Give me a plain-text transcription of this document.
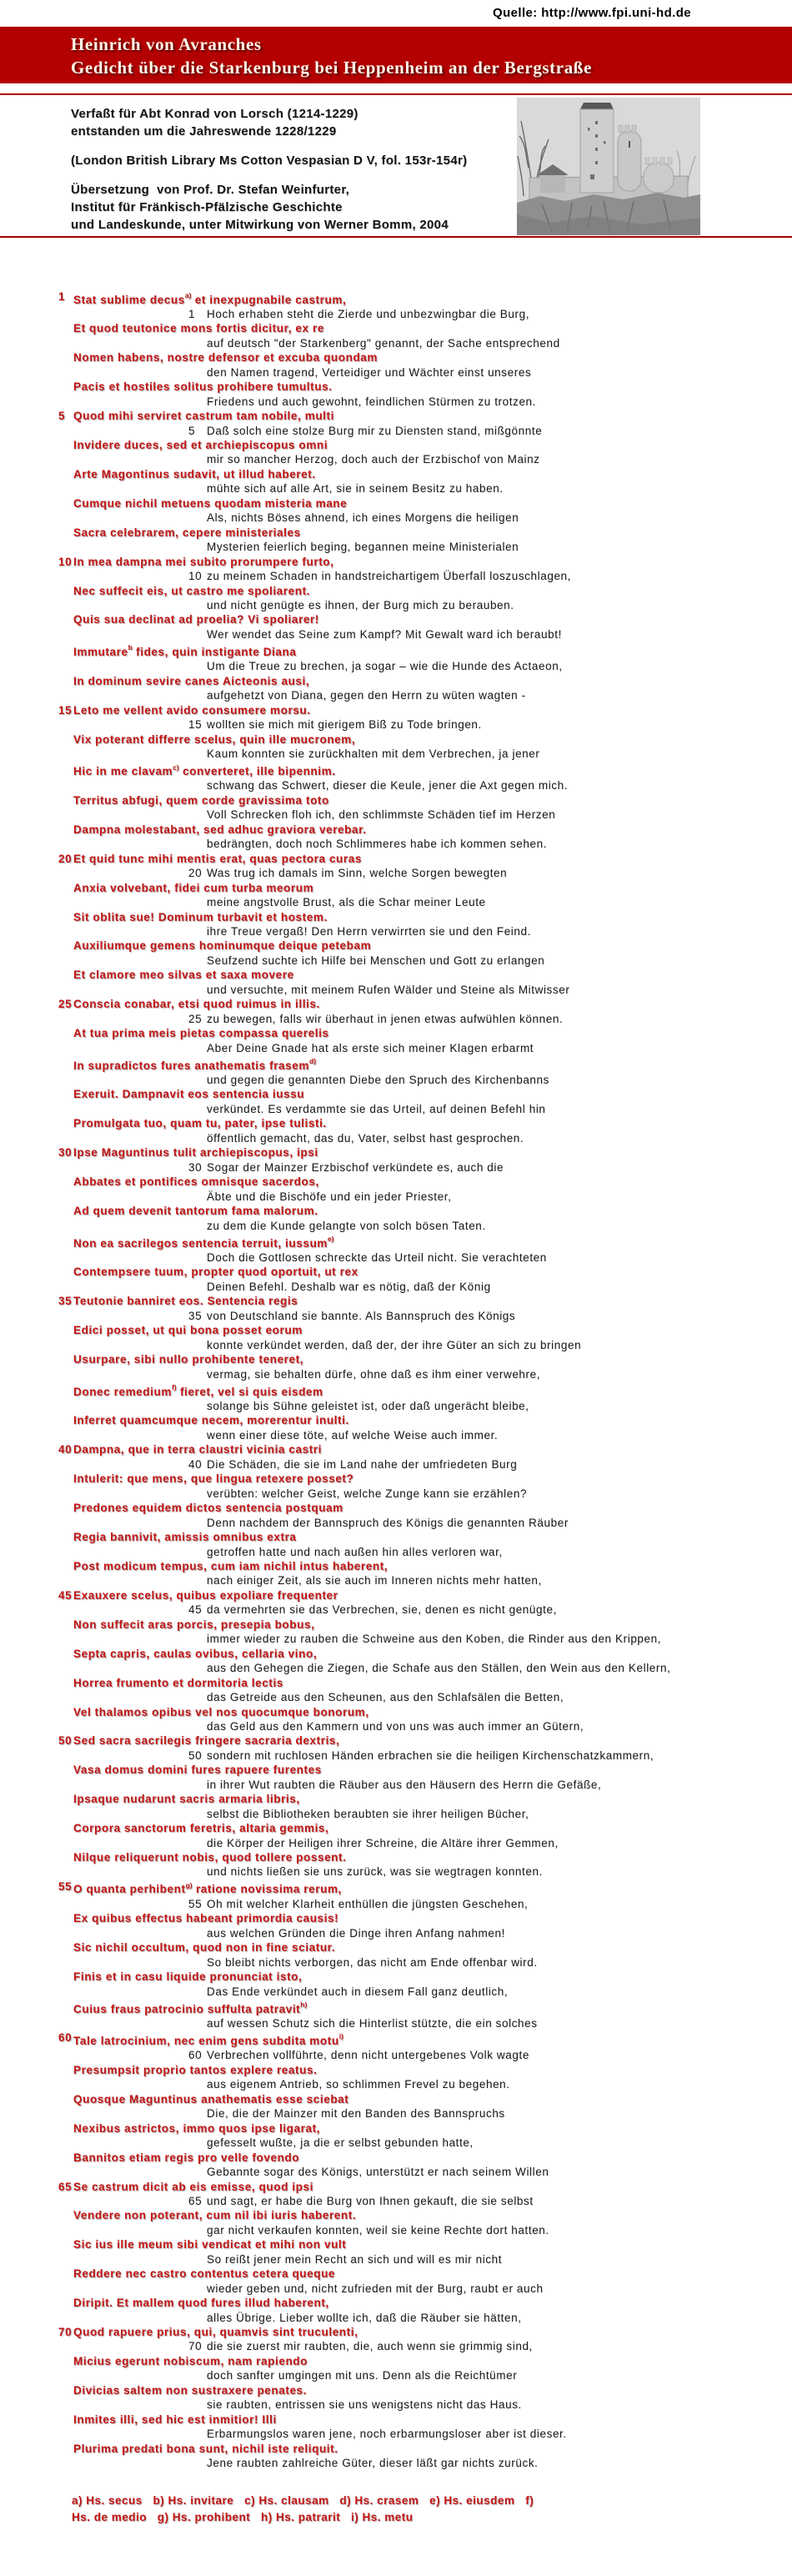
Quelle: http://www.fpi.uni-hd.de
Heinrich von Avranches
Gedicht über die Starkenburg bei Heppenheim an der Bergstraße
Verfaßt für Abt Konrad von Lorsch (1214-1229)
entstanden um die Jahreswende 1228/1229
(London British Library Ms Cotton Vespasian D V, fol. 153r-154r)
Übersetzung  von Prof. Dr. Stefan Weinfurter,
Institut für Fränkisch-Pfälzische Geschichte
und Landeskunde, unter Mitwirkung von Werner Bomm, 2004
1 Stat sublime decus$^{a)}$ et inexpugnabile castrum,
1 Hoch erhaben steht die Zierde und unbezwingbar die Burg,
Et quod teutonice mons fortis dicitur, ex re
auf deutsch "der Starkenberg" genannt, der Sache entsprechend
Nomen habens, nostre defensor et excuba quondam
den Namen tragend, Verteidiger und Wächter einst unseres
Pacis et hostiles solitus prohibere tumultus.
Friedens und auch gewohnt, feindlichen Stürmen zu trotzen.
5 Quod mihi serviret castrum tam nobile, multi
5 Daß solch eine stolze Burg mir zu Diensten stand, mißgönnte
Invidere duces, sed et archiepiscopus omni
mir so mancher Herzog, doch auch der Erzbischof von Mainz
Arte Magontinus sudavit, ut illud haberet.
mühte sich auf alle Art, sie in seinem Besitz zu haben.
Cumque nichil metuens quodam misteria mane
Als, nichts Böses ahnend, ich eines Morgens die heiligen
Sacra celebrarem, cepere ministeriales
Mysterien feierlich beging, begannen meine Ministerialen
10 In mea dampna mei subito prorumpere furto,
10 zu meinem Schaden in handstreichartigem Überfall loszuschlagen,
Nec suffecit eis, ut castro me spoliarent.
und nicht genügte es ihnen, der Burg mich zu berauben.
Quis sua declinat ad proelia? Vi spoliarer!
Wer wendet das Seine zum Kampf? Mit Gewalt ward ich beraubt!
Immutare$^b$ fides, quin instigante Diana
Um die Treue zu brechen, ja sogar – wie die Hunde des Actaeon,
In dominum sevire canes Aicteonis ausi,
aufgehetzt von Diana, gegen den Herrn zu wüten wagten -
15 Leto me vellent avido consumere morsu.
15 wollten sie mich mit gierigem Biß zu Tode bringen.
Vix poterant differre scelus, quin ille mucronem,
Kaum konnten sie zurückhalten mit dem Verbrechen, ja jener
Hic in me clavam$^{c)}$ converteret, ille bipennim.
schwang das Schwert, dieser die Keule, jener die Axt gegen mich.
Territus abfugi, quem corde gravissima toto
Voll Schrecken floh ich, den schlimmste Schäden tief im Herzen
Dampna molestabant, sed adhuc graviora verebar.
bedrängten, doch noch Schlimmeres habe ich kommen sehen.
20 Et quid tunc mihi mentis erat, quas pectora curas
20 Was trug ich damals im Sinn, welche Sorgen bewegten
Anxia volvebant, fidei cum turba meorum
meine angstvolle Brust, als die Schar meiner Leute
Sit oblita sue! Dominum turbavit et hostem.
ihre Treue vergaß! Den Herrn verwirrten sie und den Feind.
Auxiliumque gemens hominumque deique petebam
Seufzend suchte ich Hilfe bei Menschen und Gott zu erlangen
Et clamore meo silvas et saxa movere
und versuchte, mit meinem Rufen Wälder und Steine als Mitwisser
25 Conscia conabar, etsi quod ruimus in illis.
25 zu bewegen, falls wir überhaut in jenen etwas aufwühlen können.
At tua prima meis pietas compassa querelis
Aber Deine Gnade hat als erste sich meiner Klagen erbarmt
In supradictos fures anathematis frasem$^{d)}$
und gegen die genannten Diebe den Spruch des Kirchenbanns
Exeruit. Dampnavit eos sentencia iussu
verkündet. Es verdammte sie das Urteil, auf deinen Befehl hin
Promulgata tuo, quam tu, pater, ipse tulisti.
öffentlich gemacht, das du, Vater, selbst hast gesprochen.
30 Ipse Maguntinus tulit archiepiscopus, ipsi
30 Sogar der Mainzer Erzbischof verkündete es, auch die
Abbates et pontifices omnisque sacerdos,
Äbte und die Bischöfe und ein jeder Priester,
Ad quem devenit tantorum fama malorum.
zu dem die Kunde gelangte von solch bösen Taten.
Non ea sacrilegos sentencia terruit, iussum$^{e)}$
Doch die Gottlosen schreckte das Urteil nicht. Sie verachteten
Contempsere tuum, propter quod oportuit, ut rex
Deinen Befehl. Deshalb war es nötig, daß der König
35 Teutonie banniret eos. Sentencia regis
35 von Deutschland sie bannte. Als Bannspruch des Königs
Edici posset, ut qui bona posset eorum
konnte verkündet werden, daß der, der ihre Güter an sich zu bringen
Usurpare, sibi nullo prohibente teneret,
vermag, sie behalten dürfe, ohne daß es ihm einer verwehre,
Donec remedium$^{f)}$ fieret, vel si quis eisdem
solange bis Sühne geleistet ist, oder daß ungerächt bleibe,
Inferret quamcumque necem, morerentur inulti.
wenn einer diese töte, auf welche Weise auch immer.
40 Dampna, que in terra claustri vicinia castri
40 Die Schäden, die sie im Land nahe der umfriedeten Burg
Intulerit: que mens, que lingua retexere posset?
verübten: welcher Geist, welche Zunge kann sie erzählen?
Predones equidem dictos sentencia postquam
Denn nachdem der Bannspruch des Königs die genannten Räuber
Regia bannivit, amissis omnibus extra
getroffen hatte und nach außen hin alles verloren war,
Post modicum tempus, cum iam nichil intus haberent,
nach einiger Zeit, als sie auch im Inneren nichts mehr hatten,
45 Exauxere scelus, quibus expoliare frequenter
45 da vermehrten sie das Verbrechen, sie, denen es nicht genügte,
Non suffecit aras porcis, presepia bobus,
immer wieder zu rauben die Schweine aus den Koben, die Rinder aus den Krippen,
Septa capris, caulas ovibus, cellaria vino,
aus den Gehegen die Ziegen, die Schafe aus den Ställen, den Wein aus den Kellern,
Horrea frumento et dormitoria lectis
das Getreide aus den Scheunen, aus den Schlafsälen die Betten,
Vel thalamos opibus vel nos quocumque bonorum,
das Geld aus den Kammern und von uns was auch immer an Gütern,
50 Sed sacra sacrilegis fringere sacraria dextris,
50 sondern mit ruchlosen Händen erbrachen sie die heiligen Kirchenschatzkammern,
Vasa domus domini fures rapuere furentes
in ihrer Wut raubten die Räuber aus den Häusern des Herrn die Gefäße,
Ipsaque nudarunt sacris armaria libris,
selbst die Bibliotheken beraubten sie ihrer heiligen Bücher,
Corpora sanctorum feretris, altaria gemmis,
die Körper der Heiligen ihrer Schreine, die Altäre ihrer Gemmen,
Nilque reliquerunt nobis, quod tollere possent.
und nichts ließen sie uns zurück, was sie wegtragen konnten.
55 O quanta perhibent$^{g)}$ ratione novissima rerum,
55 Oh mit welcher Klarheit enthüllen die jüngsten Geschehen,
Ex quibus effectus habeant primordia causis!
aus welchen Gründen die Dinge ihren Anfang nahmen!
Sic nichil occultum, quod non in fine sciatur.
So bleibt nichts verborgen, das nicht am Ende offenbar wird.
Finis et in casu liquide pronunciat isto,
Das Ende verkündet auch in diesem Fall ganz deutlich,
Cuius fraus patrocinio suffulta patravit$^{h)}$
auf wessen Schutz sich die Hinterlist stützte, die ein solches
60 Tale latrocinium, nec enim gens subdita motu$^{i)}$
60 Verbrechen vollführte, denn nicht untergebenes Volk wagte
Presumpsit proprio tantos explere reatus.
aus eigenem Antrieb, so schlimmen Frevel zu begehen.
Quosque Maguntinus anathematis esse sciebat
Die, die der Mainzer mit den Banden des Bannspruchs
Nexibus astrictos, immo quos ipse ligarat,
gefesselt wußte, ja die er selbst gebunden hatte,
Bannitos etiam regis pro velle fovendo
Gebannte sogar des Königs, unterstützt er nach seinem Willen
65 Se castrum dicit ab eis emisse, quod ipsi
65 und sagt, er habe die Burg von Ihnen gekauft, die sie selbst
Vendere non poterant, cum nil ibi iuris haberent.
gar nicht verkaufen konnten, weil sie keine Rechte dort hatten.
Sic ius ille meum sibi vendicat et mihi non vult
So reißt jener mein Recht an sich und will es mir nicht
Reddere nec castro contentus cetera queque
wieder geben und, nicht zufrieden mit der Burg, raubt er auch
Diripit. Et mallem quod fures illud haberent,
alles Übrige. Lieber wollte ich, daß die Räuber sie hätten,
70 Quod rapuere prius, qui, quamvis sint truculenti,
70 die sie zuerst mir raubten, die, auch wenn sie grimmig sind,
Micius egerunt nobiscum, nam rapiendo
doch sanfter umgingen mit uns. Denn als die Reichtümer
Divicias saltem non sustraxere penates.
sie raubten, entrissen sie uns wenigstens nicht das Haus.
Inmites illi, sed hic est inmitior! Illi
Erbarmungslos waren jene, noch erbarmungsloser aber ist dieser.
Plurima predati bona sunt, nichil iste reliquit.
Jene raubten zahlreiche Güter, dieser läßt gar nichts zurück.
a) Hs. secus   b) Hs. invitare   c) Hs. clausam   d) Hs. crasem   e) Hs. eiusdem   f)
Hs. de medio   g) Hs. prohibent   h) Hs. patrarit   i) Hs. metu
